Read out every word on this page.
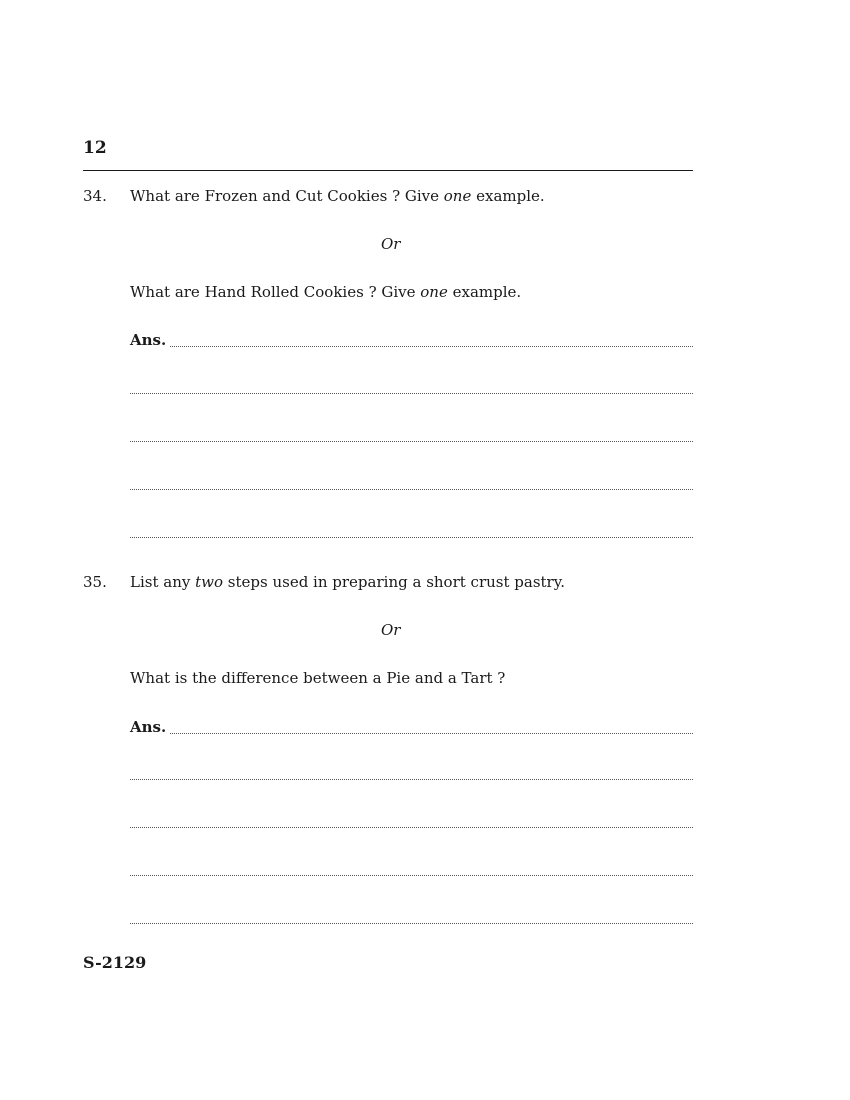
12
34. What are Frozen and Cut Cookies ? Give one example.
Or
What are Hand Rolled Cookies ? Give one example.
Ans.
35. List any two steps used in preparing a short crust pastry.
Or
What is the difference between a Pie and a Tart ?
Ans.
S-2129
